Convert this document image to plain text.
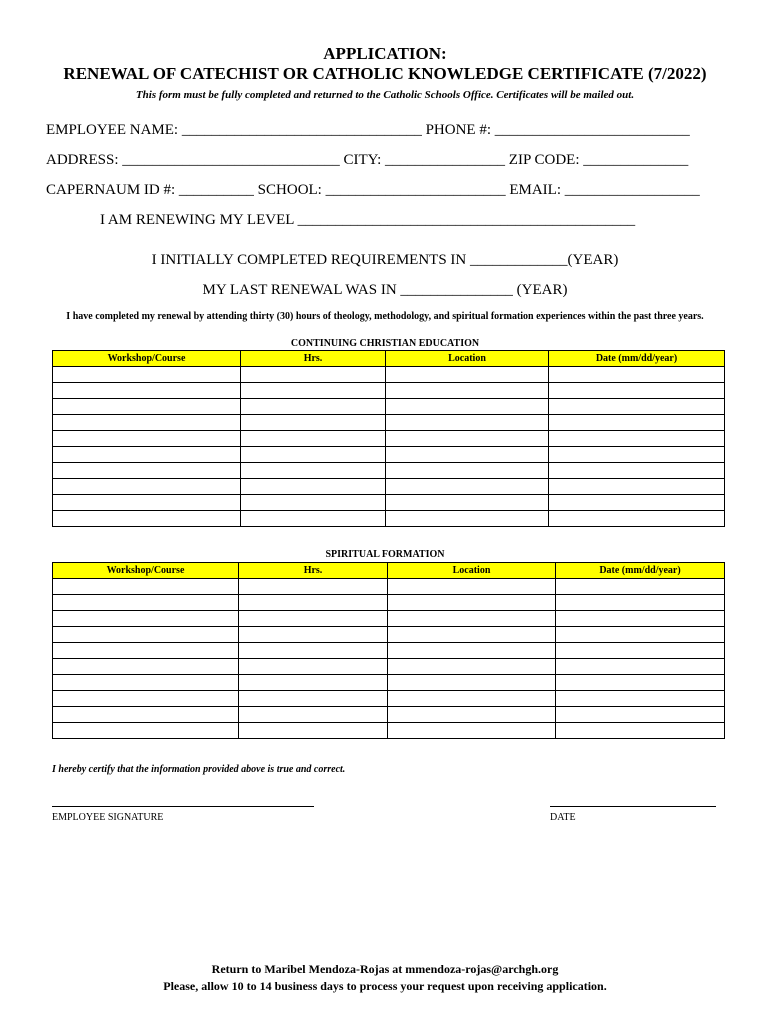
APPLICATION:
RENEWAL OF CATECHIST OR CATHOLIC KNOWLEDGE CERTIFICATE (7/2022)
This form must be fully completed and returned to the Catholic Schools Office. Certificates will be mailed out.
EMPLOYEE NAME: ________________________________ PHONE #: __________________________
ADDRESS: _____________________________ CITY: ________________ ZIP CODE: ______________
CAPERNAUM ID #: __________ SCHOOL: ________________________ EMAIL: __________________
I AM RENEWING MY LEVEL _____________________________________________
I INITIALLY COMPLETED REQUIREMENTS IN _____________(YEAR)
MY LAST RENEWAL WAS IN _______________ (YEAR)
I have completed my renewal by attending thirty (30) hours of theology, methodology, and spiritual formation experiences within the past three years.
CONTINUING CHRISTIAN EDUCATION
Workshop/Course	Hrs.	Location	Date (mm/dd/year)

SPIRITUAL FORMATION
Workshop/Course	Hrs.	Location	Date (mm/dd/year)

I hereby certify that the information provided above is true and correct.
EMPLOYEE SIGNATURE	DATE
Return to Maribel Mendoza-Rojas at mmendoza-rojas@archgh.org
Please, allow 10 to 14 business days to process your request upon receiving application.
